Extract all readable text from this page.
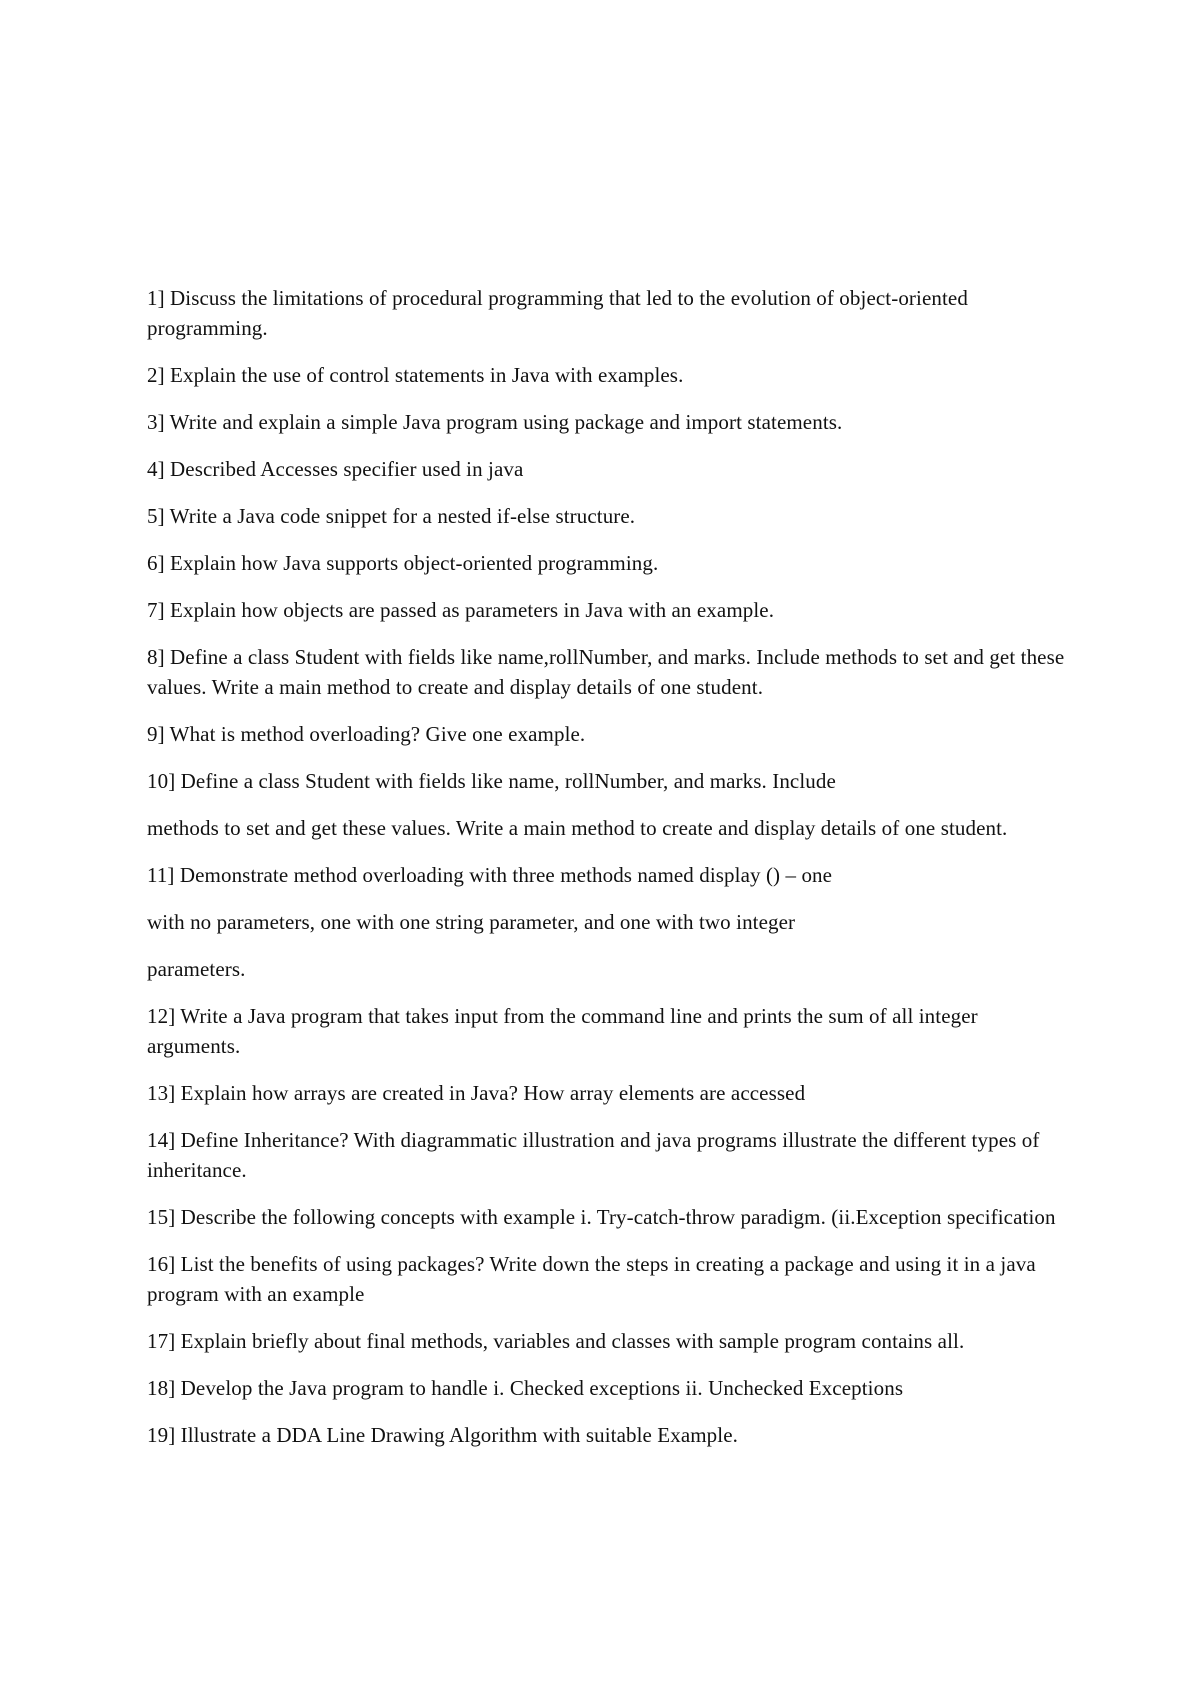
1] Discuss the limitations of procedural programming that led to the evolution of object-oriented programming.

2] Explain the use of control statements in Java with examples.

3] Write and explain a simple Java program using package and import statements.

4] Described Accesses specifier used in java

5] Write a Java code snippet for a nested if-else structure.

6] Explain how Java supports object-oriented programming.

7] Explain how objects are passed as parameters in Java with an example.

8] Define a class Student with fields like name,rollNumber, and marks. Include methods to set and get these values. Write a main method to create and display details of one student.

9] What is method overloading? Give one example.

10] Define a class Student with fields like name, rollNumber, and marks. Include

methods to set and get these values. Write a main method to create and display details of one student.

11] Demonstrate method overloading with three methods named display () – one

with no parameters, one with one string parameter, and one with two integer

parameters.

12] Write a Java program that takes input from the command line and prints the sum of all integer arguments.

13] Explain how arrays are created in Java? How array elements are accessed

14] Define Inheritance? With diagrammatic illustration and java programs illustrate the different types of inheritance.

15] Describe the following concepts with example i. Try-catch-throw paradigm. (ii.Exception specification

16] List the benefits of using packages? Write down the steps in creating a package and using it in a java program with an example

17] Explain briefly about final methods, variables and classes with sample program contains all.

18] Develop the Java program to handle i. Checked exceptions ii. Unchecked Exceptions

19] Illustrate a DDA Line Drawing Algorithm with suitable Example.
